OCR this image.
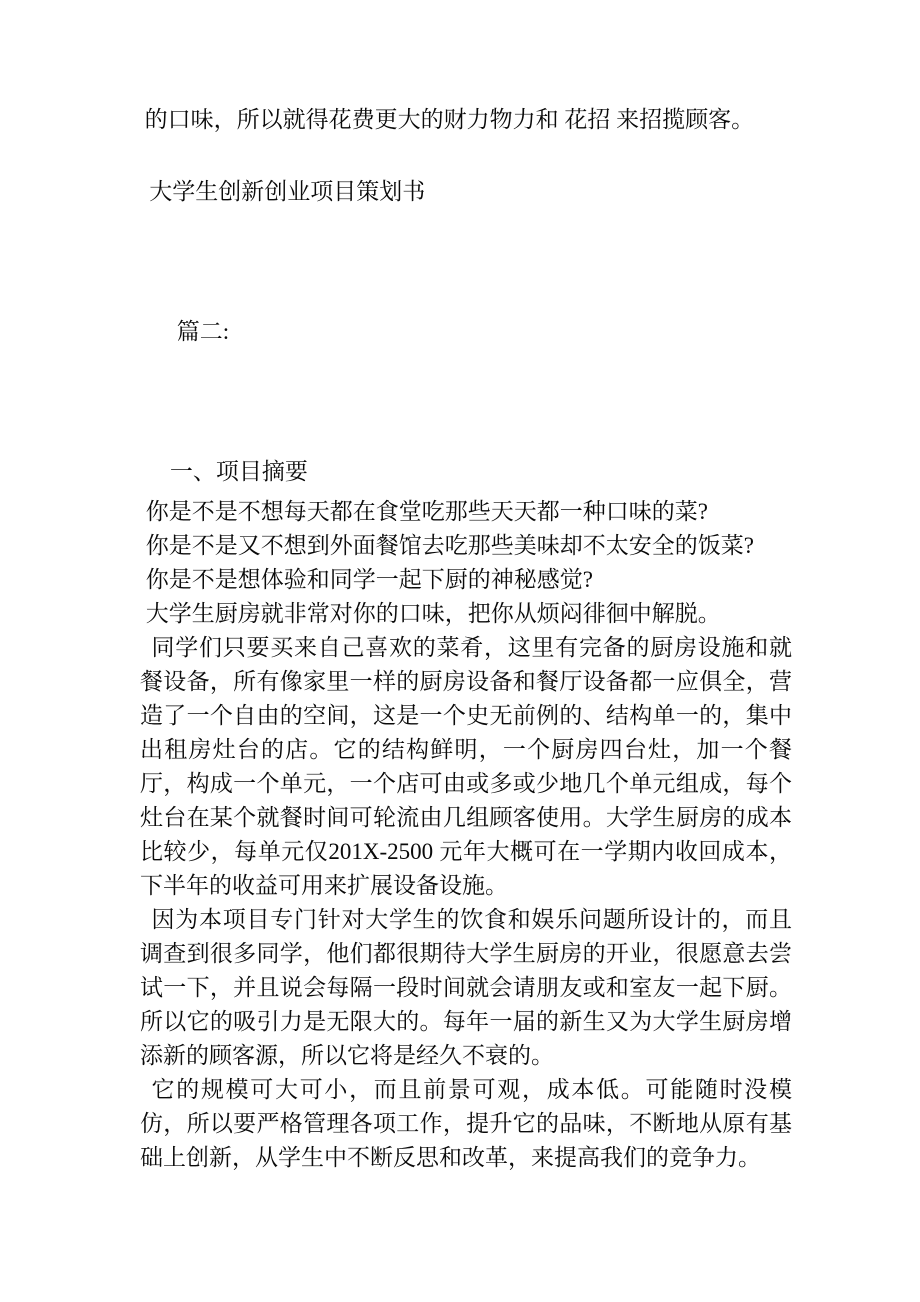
的口味，所以就得花费更大的财力物力和 花招 来招揽顾客。

大学生创新创业项目策划书

篇二:

一、项目摘要

你是不是不想每天都在食堂吃那些天天都一种口味的菜?

你是不是又不想到外面餐馆去吃那些美味却不太安全的饭菜?

你是不是想体验和同学一起下厨的神秘感觉?

大学生厨房就非常对你的口味，把你从烦闷徘徊中解脱。

同学们只要买来自己喜欢的菜肴，这里有完备的厨房设施和就餐设备，所有像家里一样的厨房设备和餐厅设备都一应俱全，营造了一个自由的空间，这是一个史无前例的、结构单一的，集中出租房灶台的店。它的结构鲜明，一个厨房四台灶，加一个餐厅，构成一个单元，一个店可由或多或少地几个单元组成，每个灶台在某个就餐时间可轮流由几组顾客使用。大学生厨房的成本比较少，每单元仅201X-2500 元年大概可在一学期内收回成本，下半年的收益可用来扩展设备设施。

因为本项目专门针对大学生的饮食和娱乐问题所设计的，而且调查到很多同学，他们都很期待大学生厨房的开业，很愿意去尝试一下，并且说会每隔一段时间就会请朋友或和室友一起下厨。所以它的吸引力是无限大的。每年一届的新生又为大学生厨房增添新的顾客源，所以它将是经久不衰的。

它的规模可大可小，而且前景可观，成本低。可能随时没模仿，所以要严格管理各项工作，提升它的品味，不断地从原有基础上创新，从学生中不断反思和改革，来提高我们的竞争力。
